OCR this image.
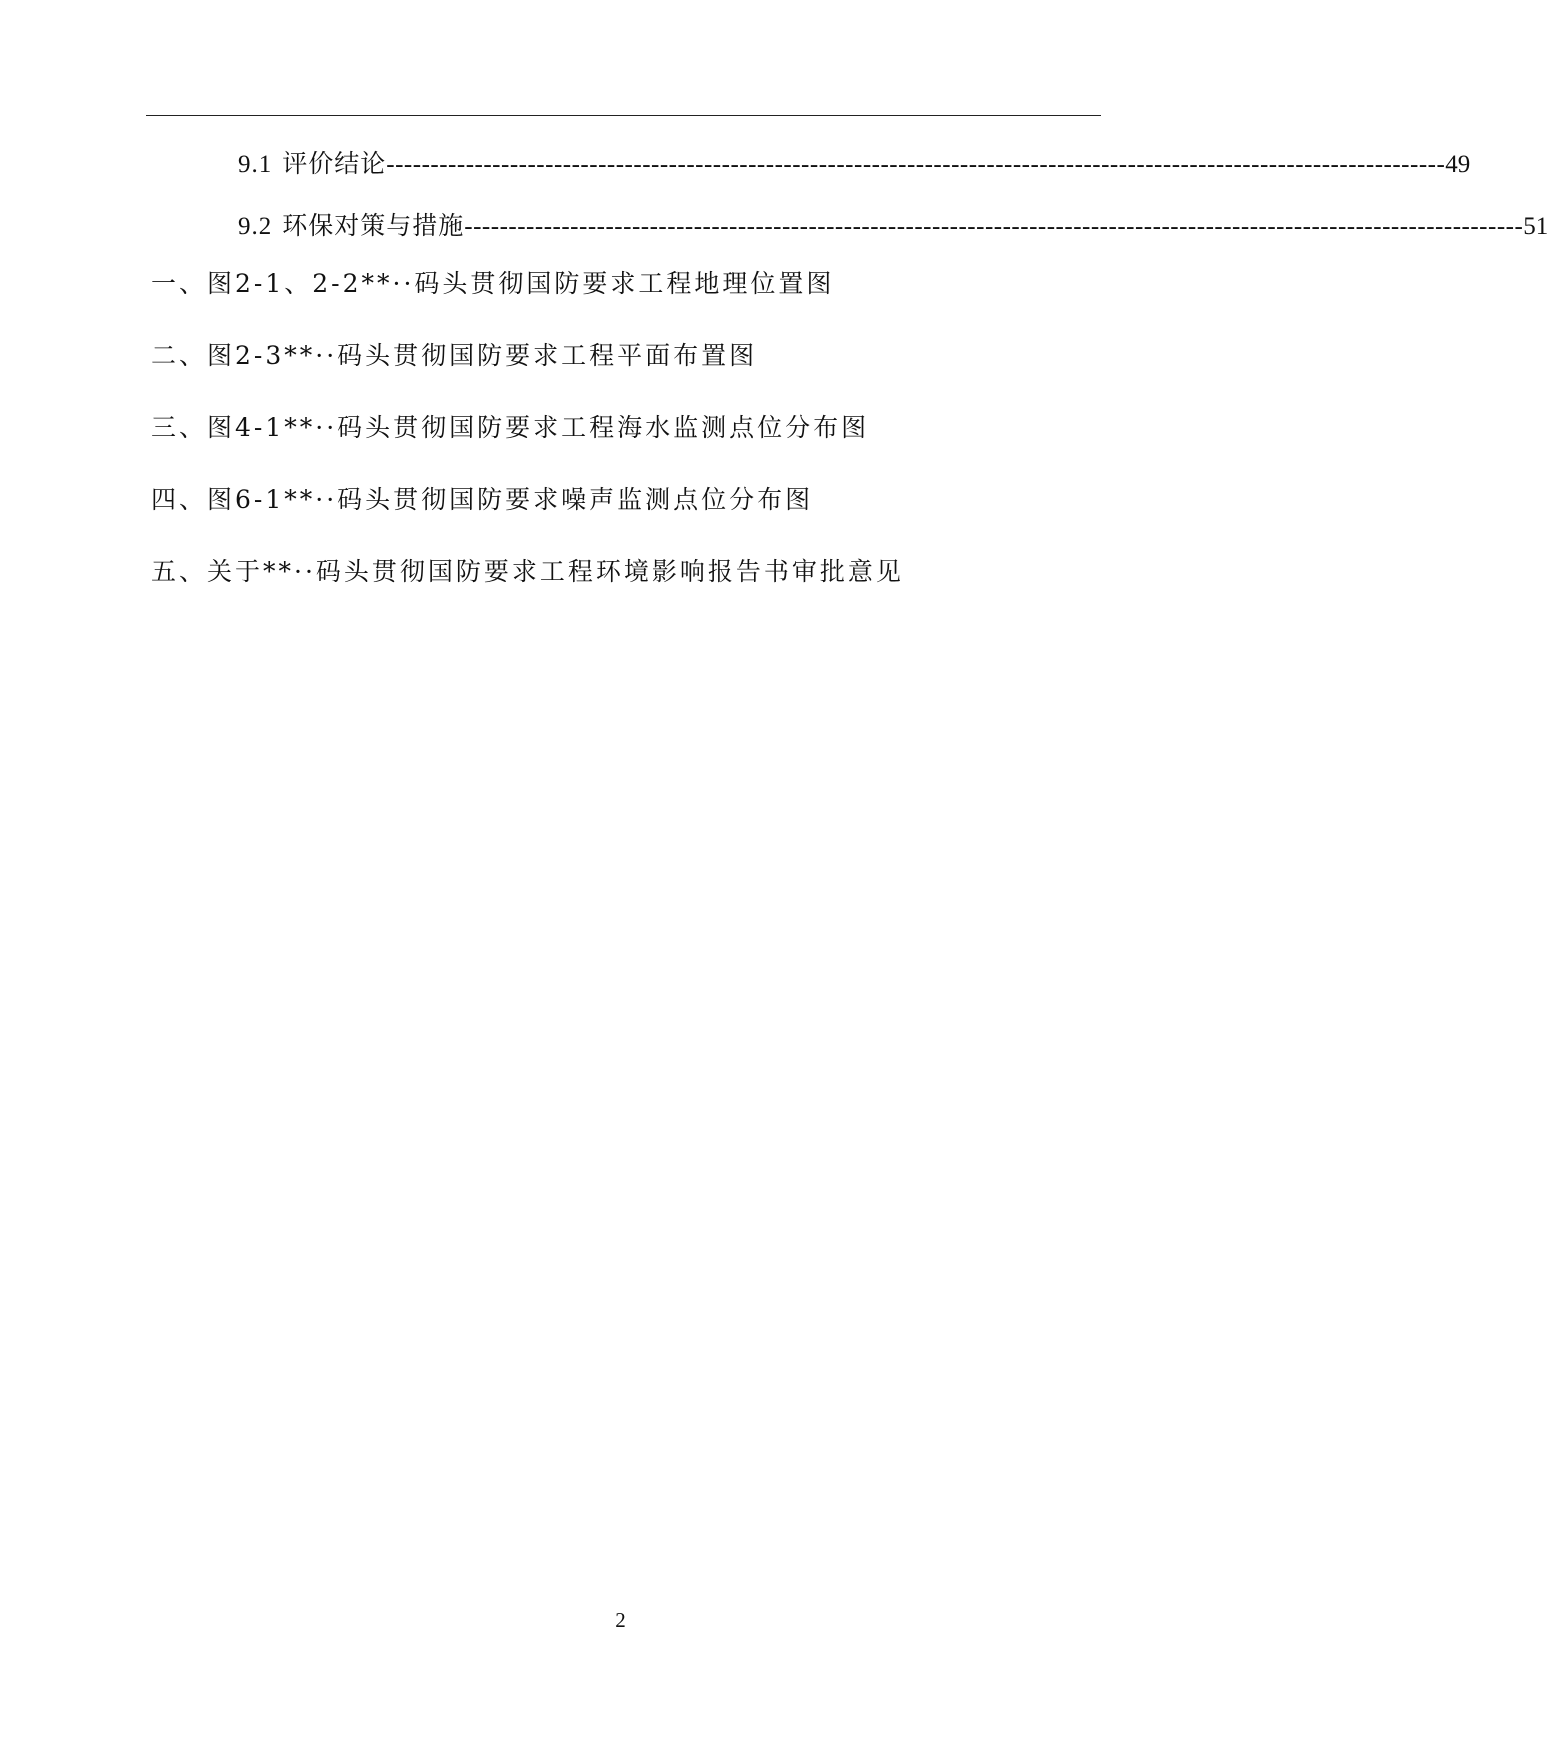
9.1 评价结论 ------------------------------------------------------------------------------------------------------------------------ 49
9.2 环保对策与措施 ------------------------------------------------------------------------------------------------------------------------ 51
一、图2-1、2-2**··码头贯彻国防要求工程地理位置图
二、图2-3**··码头贯彻国防要求工程平面布置图
三、图4-1**··码头贯彻国防要求工程海水监测点位分布图
四、图6-1**··码头贯彻国防要求噪声监测点位分布图
五、关于**··码头贯彻国防要求工程环境影响报告书审批意见
2
